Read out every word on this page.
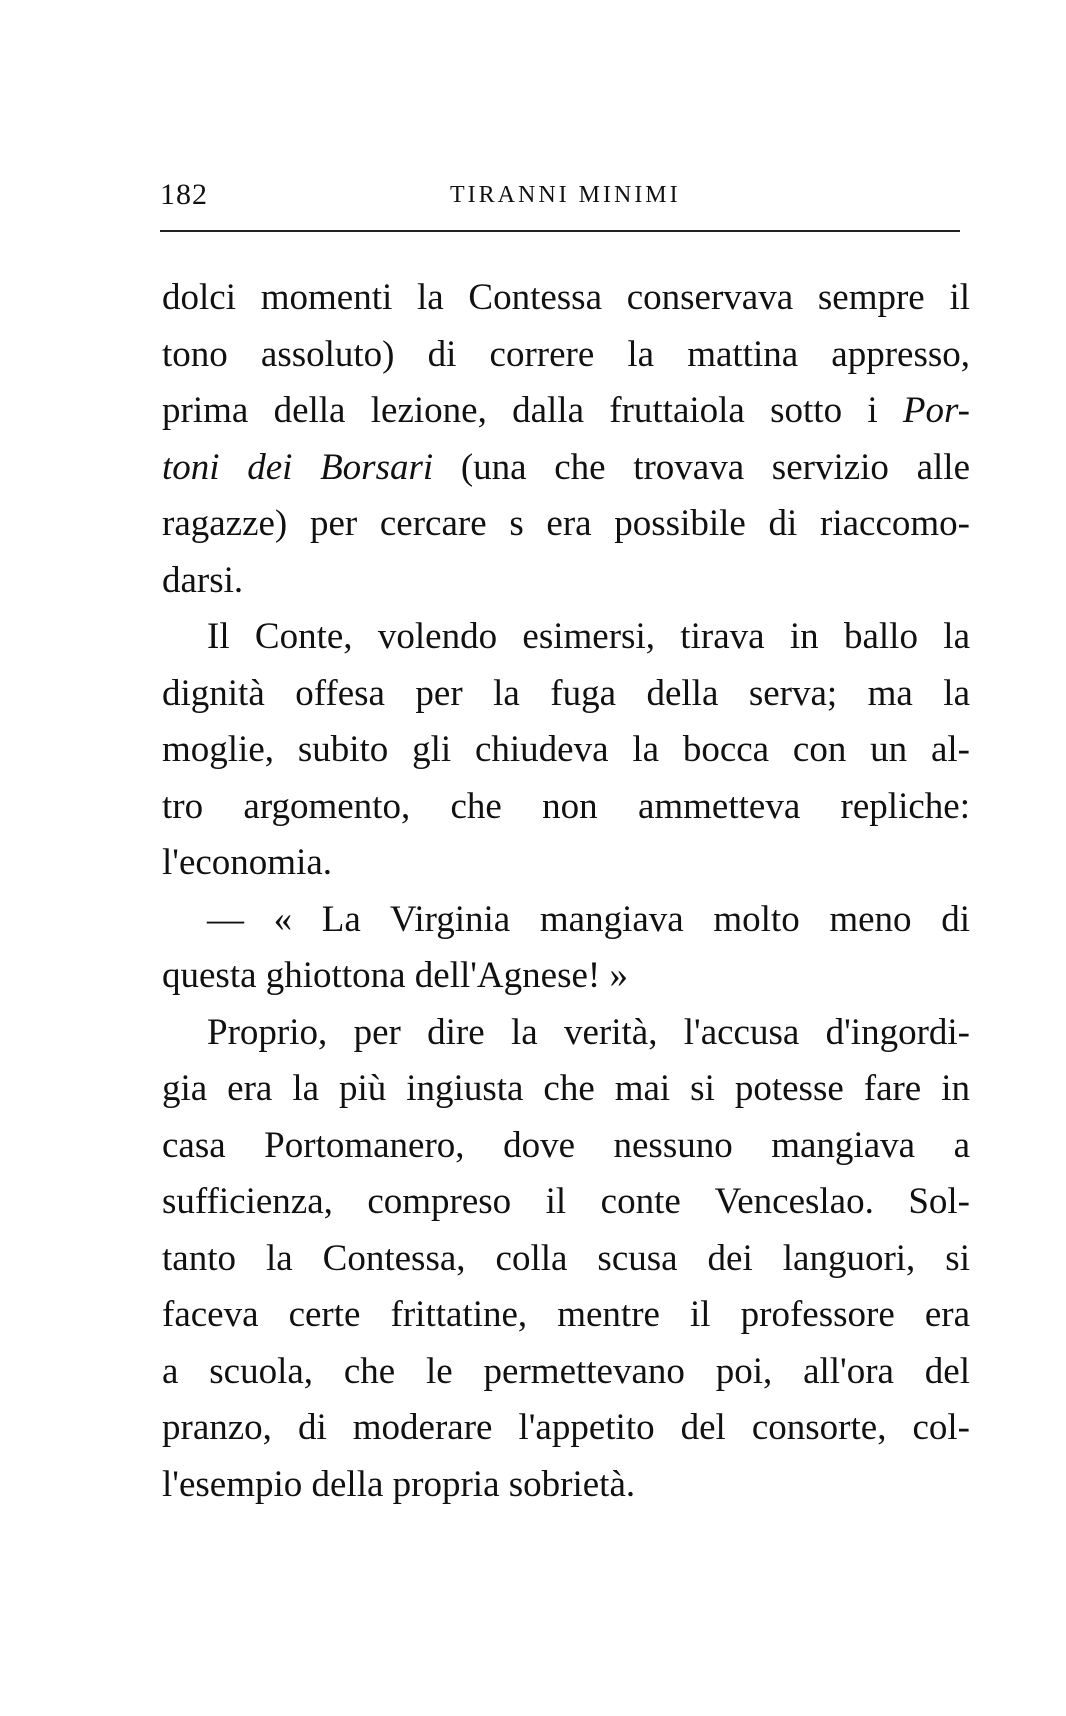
182	TIRANNI MINIMI
dolci momenti la Contessa conservava sempre il
tono assoluto) di correre la mattina appresso,
prima della lezione, dalla fruttaiola sotto i Por-
toni dei Borsari (una che trovava servizio alle
ragazze) per cercare s era possibile di riaccomo-
darsi.
Il Conte, volendo esimersi, tirava in ballo la
dignità offesa per la fuga della serva; ma la
moglie, subito gli chiudeva la bocca con un al-
tro argomento, che non ammetteva repliche:
l'economia.
— « La Virginia mangiava molto meno di
questa ghiottona dell'Agnese! »
Proprio, per dire la verità, l'accusa d'ingordi-
gia era la più ingiusta che mai si potesse fare in
casa Portomanero, dove nessuno mangiava a
sufficienza, compreso il conte Venceslao. Sol-
tanto la Contessa, colla scusa dei languori, si
faceva certe frittatine, mentre il professore era
a scuola, che le permettevano poi, all'ora del
pranzo, di moderare l'appetito del consorte, col-
l'esempio della propria sobrietà.
